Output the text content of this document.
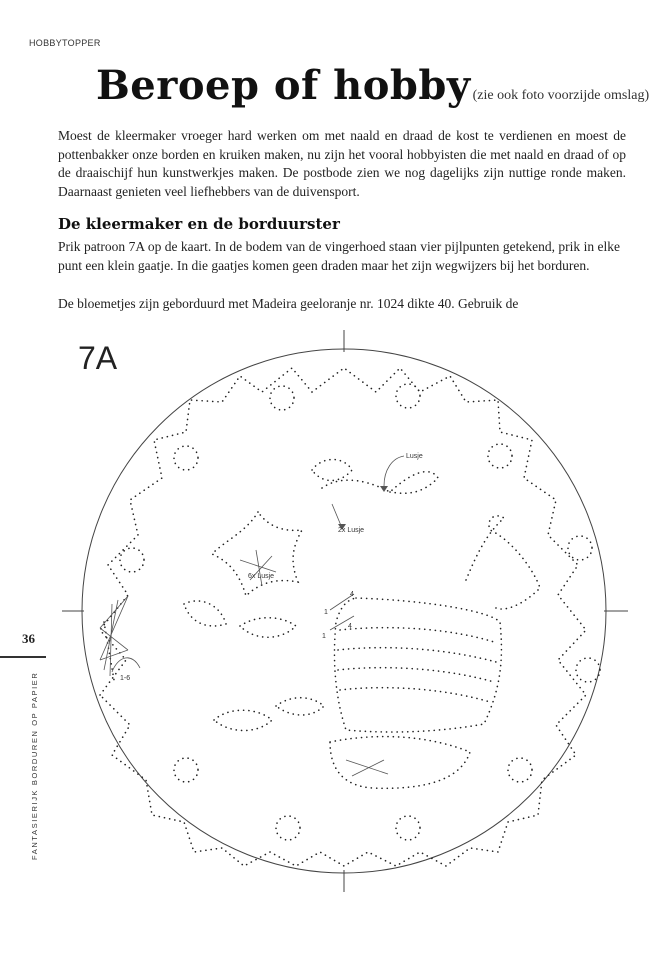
HOBBYTOPPER
Beroep of hobby (zie ook foto voorzijde omslag)

Moest de kleermaker vroeger hard werken om met naald en draad de kost te verdienen en moest de pottenbakker onze borden en kruiken maken, nu zijn het vooral hobbyisten die met naald en draad of op de draaischijf hun kunstwerkjes maken. De postbode zien we nog dagelijks zijn nuttige ronde maken. Daarnaast genieten veel liefhebbers van de duivensport.

De kleermaker en de borduurster

Prik patroon 7A op de kaart. In de bodem van de vingerhoed staan vier pijlpunten getekend, prik in elke punt een klein gaatje. In die gaatjes komen geen draden maar het zijn wegwijzers bij het borduren.

De bloemetjes zijn geborduurd met Madeira geeloranje nr. 1024 dikte 40. Gebruik de

7A
Lusje
2x Lusje
6x Lusje
1-6
1
1
4
4
36
FANTASIERIJK BORDUREN OP PAPIER
